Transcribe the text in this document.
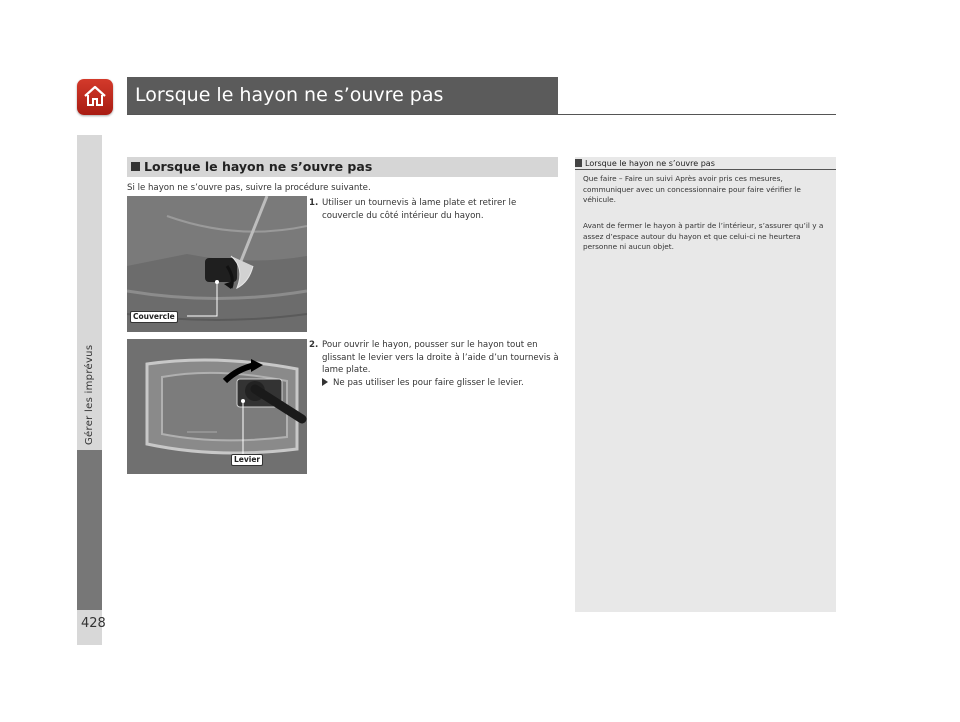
Lorsque le hayon ne s’ouvre pas
Gérer les imprévus
428
Lorsque le hayon ne s’ouvre pas
Si le hayon ne s’ouvre pas, suivre la procédure suivante.
Couvercle
Levier
1. Utiliser un tournevis à lame plate et retirer le couvercle du côté intérieur du hayon.
2. Pour ouvrir le hayon, pousser sur le hayon tout en glissant le levier vers la droite à l’aide d’un tournevis à lame plate.
Ne pas utiliser les pour faire glisser le levier.
Lorsque le hayon ne s’ouvre pas
Que faire – Faire un suivi Après avoir pris ces mesures, communiquer avec un concessionnaire pour faire vérifier le véhicule.
Avant de fermer le hayon à partir de l’intérieur, s’assurer qu’il y a assez d’espace autour du hayon et que celui-ci ne heurtera personne ni aucun objet.
